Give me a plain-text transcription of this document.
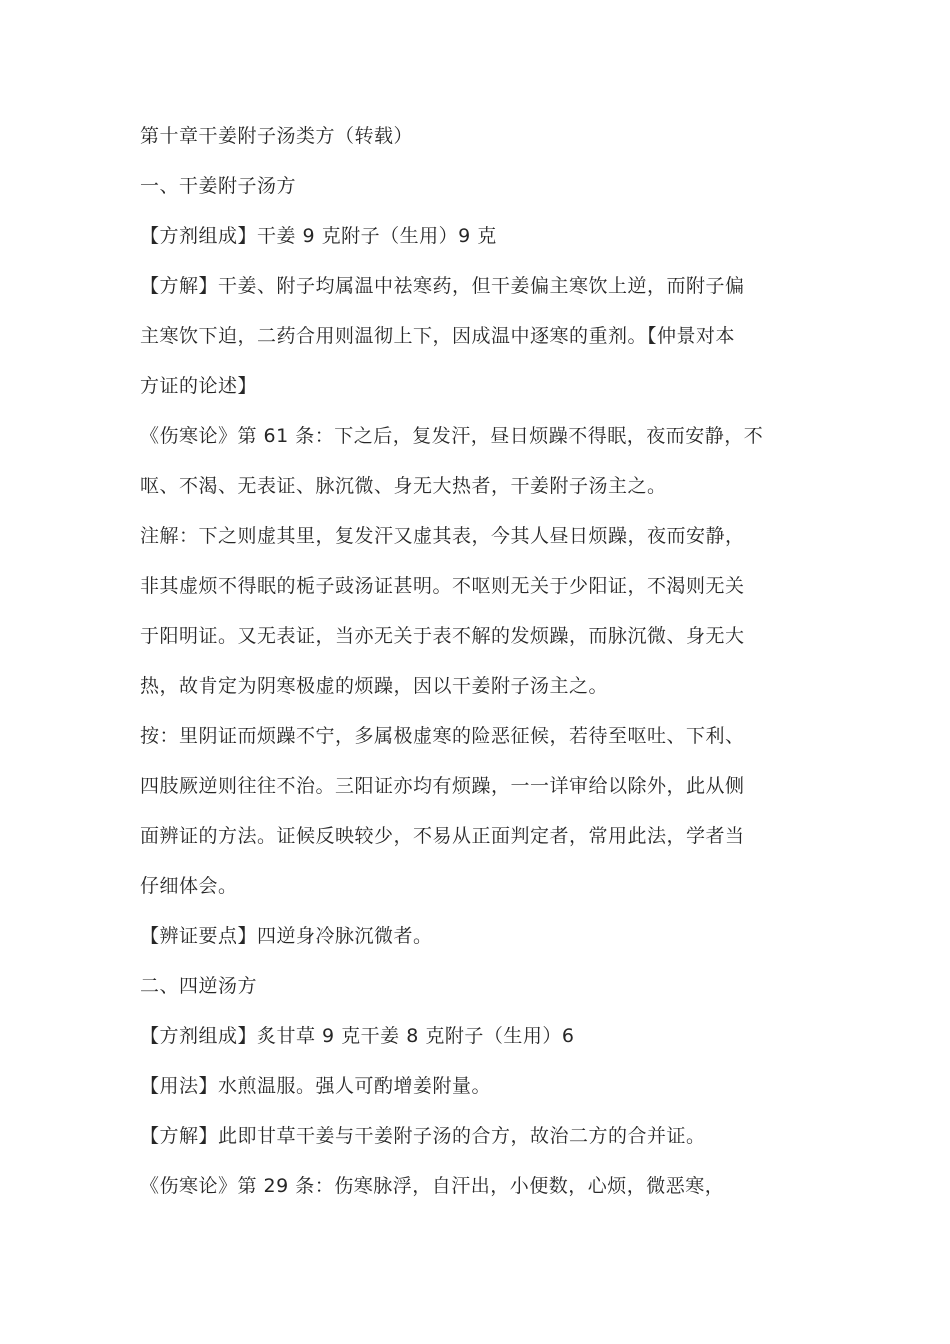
第十章干姜附子汤类方（转载）
一、干姜附子汤方
【方剂组成】干姜 9 克附子（生用）9 克
【方解】干姜、附子均属温中祛寒药，但干姜偏主寒饮上逆，而附子偏
主寒饮下迫，二药合用则温彻上下，因成温中逐寒的重剂。【仲景对本
方证的论述】
《伤寒论》第 61 条：下之后，复发汗，昼日烦躁不得眠，夜而安静，不
呕、不渴、无表证、脉沉微、身无大热者，干姜附子汤主之。
注解：下之则虚其里，复发汗又虚其表，今其人昼日烦躁，夜而安静，
非其虚烦不得眠的栀子豉汤证甚明。不呕则无关于少阳证，不渴则无关
于阳明证。又无表证，当亦无关于表不解的发烦躁，而脉沉微、身无大
热，故肯定为阴寒极虚的烦躁，因以干姜附子汤主之。
按：里阴证而烦躁不宁，多属极虚寒的险恶征候，若待至呕吐、下利、
四肢厥逆则往往不治。三阳证亦均有烦躁，一一详审给以除外，此从侧
面辨证的方法。证候反映较少，不易从正面判定者，常用此法，学者当
仔细体会。
【辨证要点】四逆身冷脉沉微者。
二、四逆汤方
【方剂组成】炙甘草 9 克干姜 8 克附子（生用）6
【用法】水煎温服。强人可酌增姜附量。
【方解】此即甘草干姜与干姜附子汤的合方，故治二方的合并证。
《伤寒论》第 29 条：伤寒脉浮，自汗出，小便数，心烦，微恶寒，
